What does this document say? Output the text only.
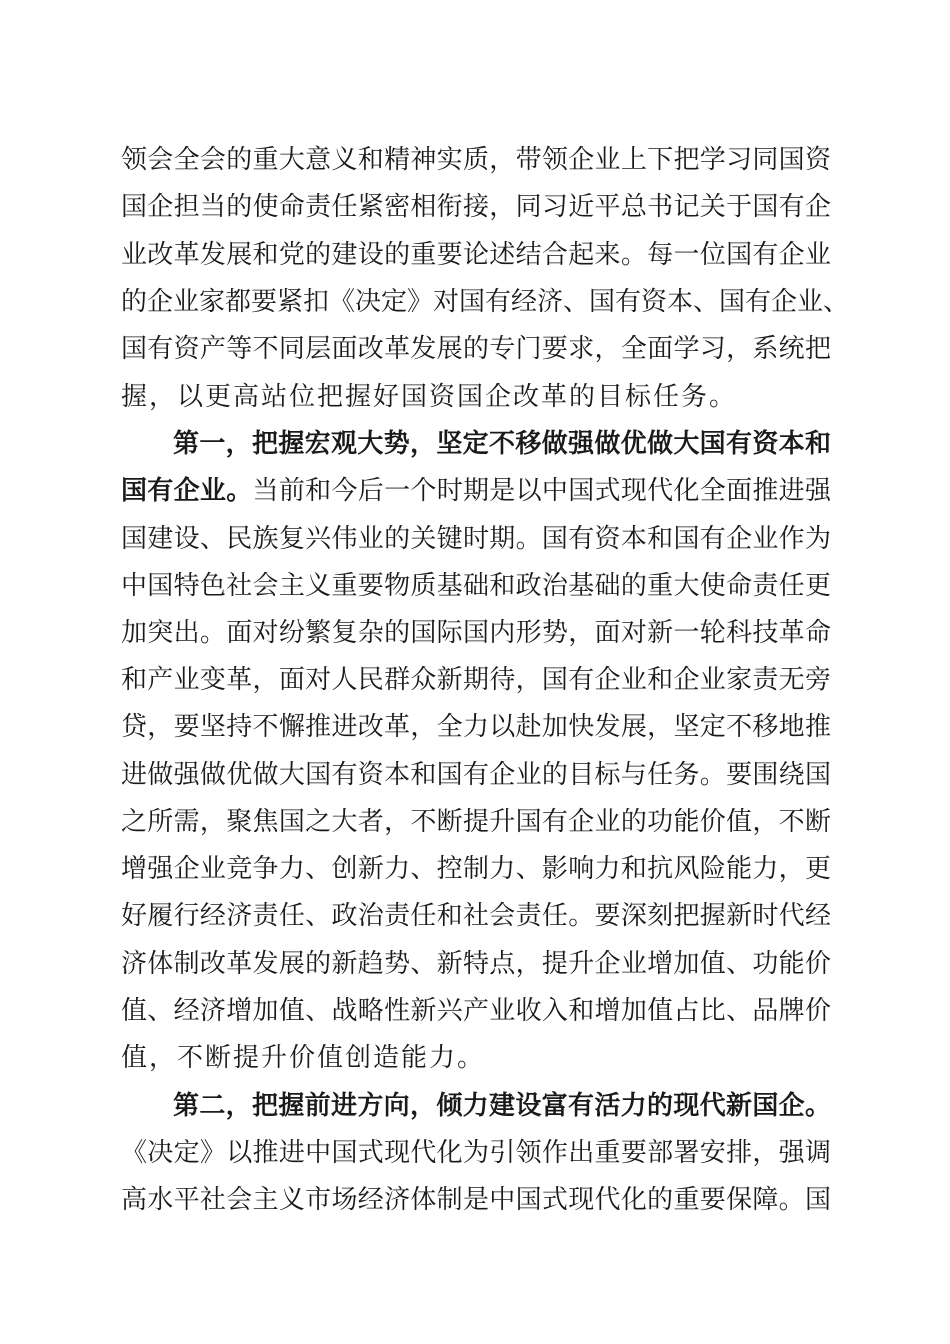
领会全会的重大意义和精神实质，带领企业上下把学习同国资
国企担当的使命责任紧密相衔接，同习近平总书记关于国有企
业改革发展和党的建设的重要论述结合起来。每一位国有企业
的企业家都要紧扣《决定》对国有经济、国有资本、国有企业、
国有资产等不同层面改革发展的专门要求，全面学习，系统把
握，以更高站位把握好国资国企改革的目标任务。
第一，把握宏观大势，坚定不移做强做优做大国有资本和
国有企业。当前和今后一个时期是以中国式现代化全面推进强
国建设、民族复兴伟业的关键时期。国有资本和国有企业作为
中国特色社会主义重要物质基础和政治基础的重大使命责任更
加突出。面对纷繁复杂的国际国内形势，面对新一轮科技革命
和产业变革，面对人民群众新期待，国有企业和企业家责无旁
贷，要坚持不懈推进改革，全力以赴加快发展，坚定不移地推
进做强做优做大国有资本和国有企业的目标与任务。要围绕国
之所需，聚焦国之大者，不断提升国有企业的功能价值，不断
增强企业竞争力、创新力、控制力、影响力和抗风险能力，更
好履行经济责任、政治责任和社会责任。要深刻把握新时代经
济体制改革发展的新趋势、新特点，提升企业增加值、功能价
值、经济增加值、战略性新兴产业收入和增加值占比、品牌价
值，不断提升价值创造能力。
第二，把握前进方向，倾力建设富有活力的现代新国企。
《决定》以推进中国式现代化为引领作出重要部署安排，强调
高水平社会主义市场经济体制是中国式现代化的重要保障。国
